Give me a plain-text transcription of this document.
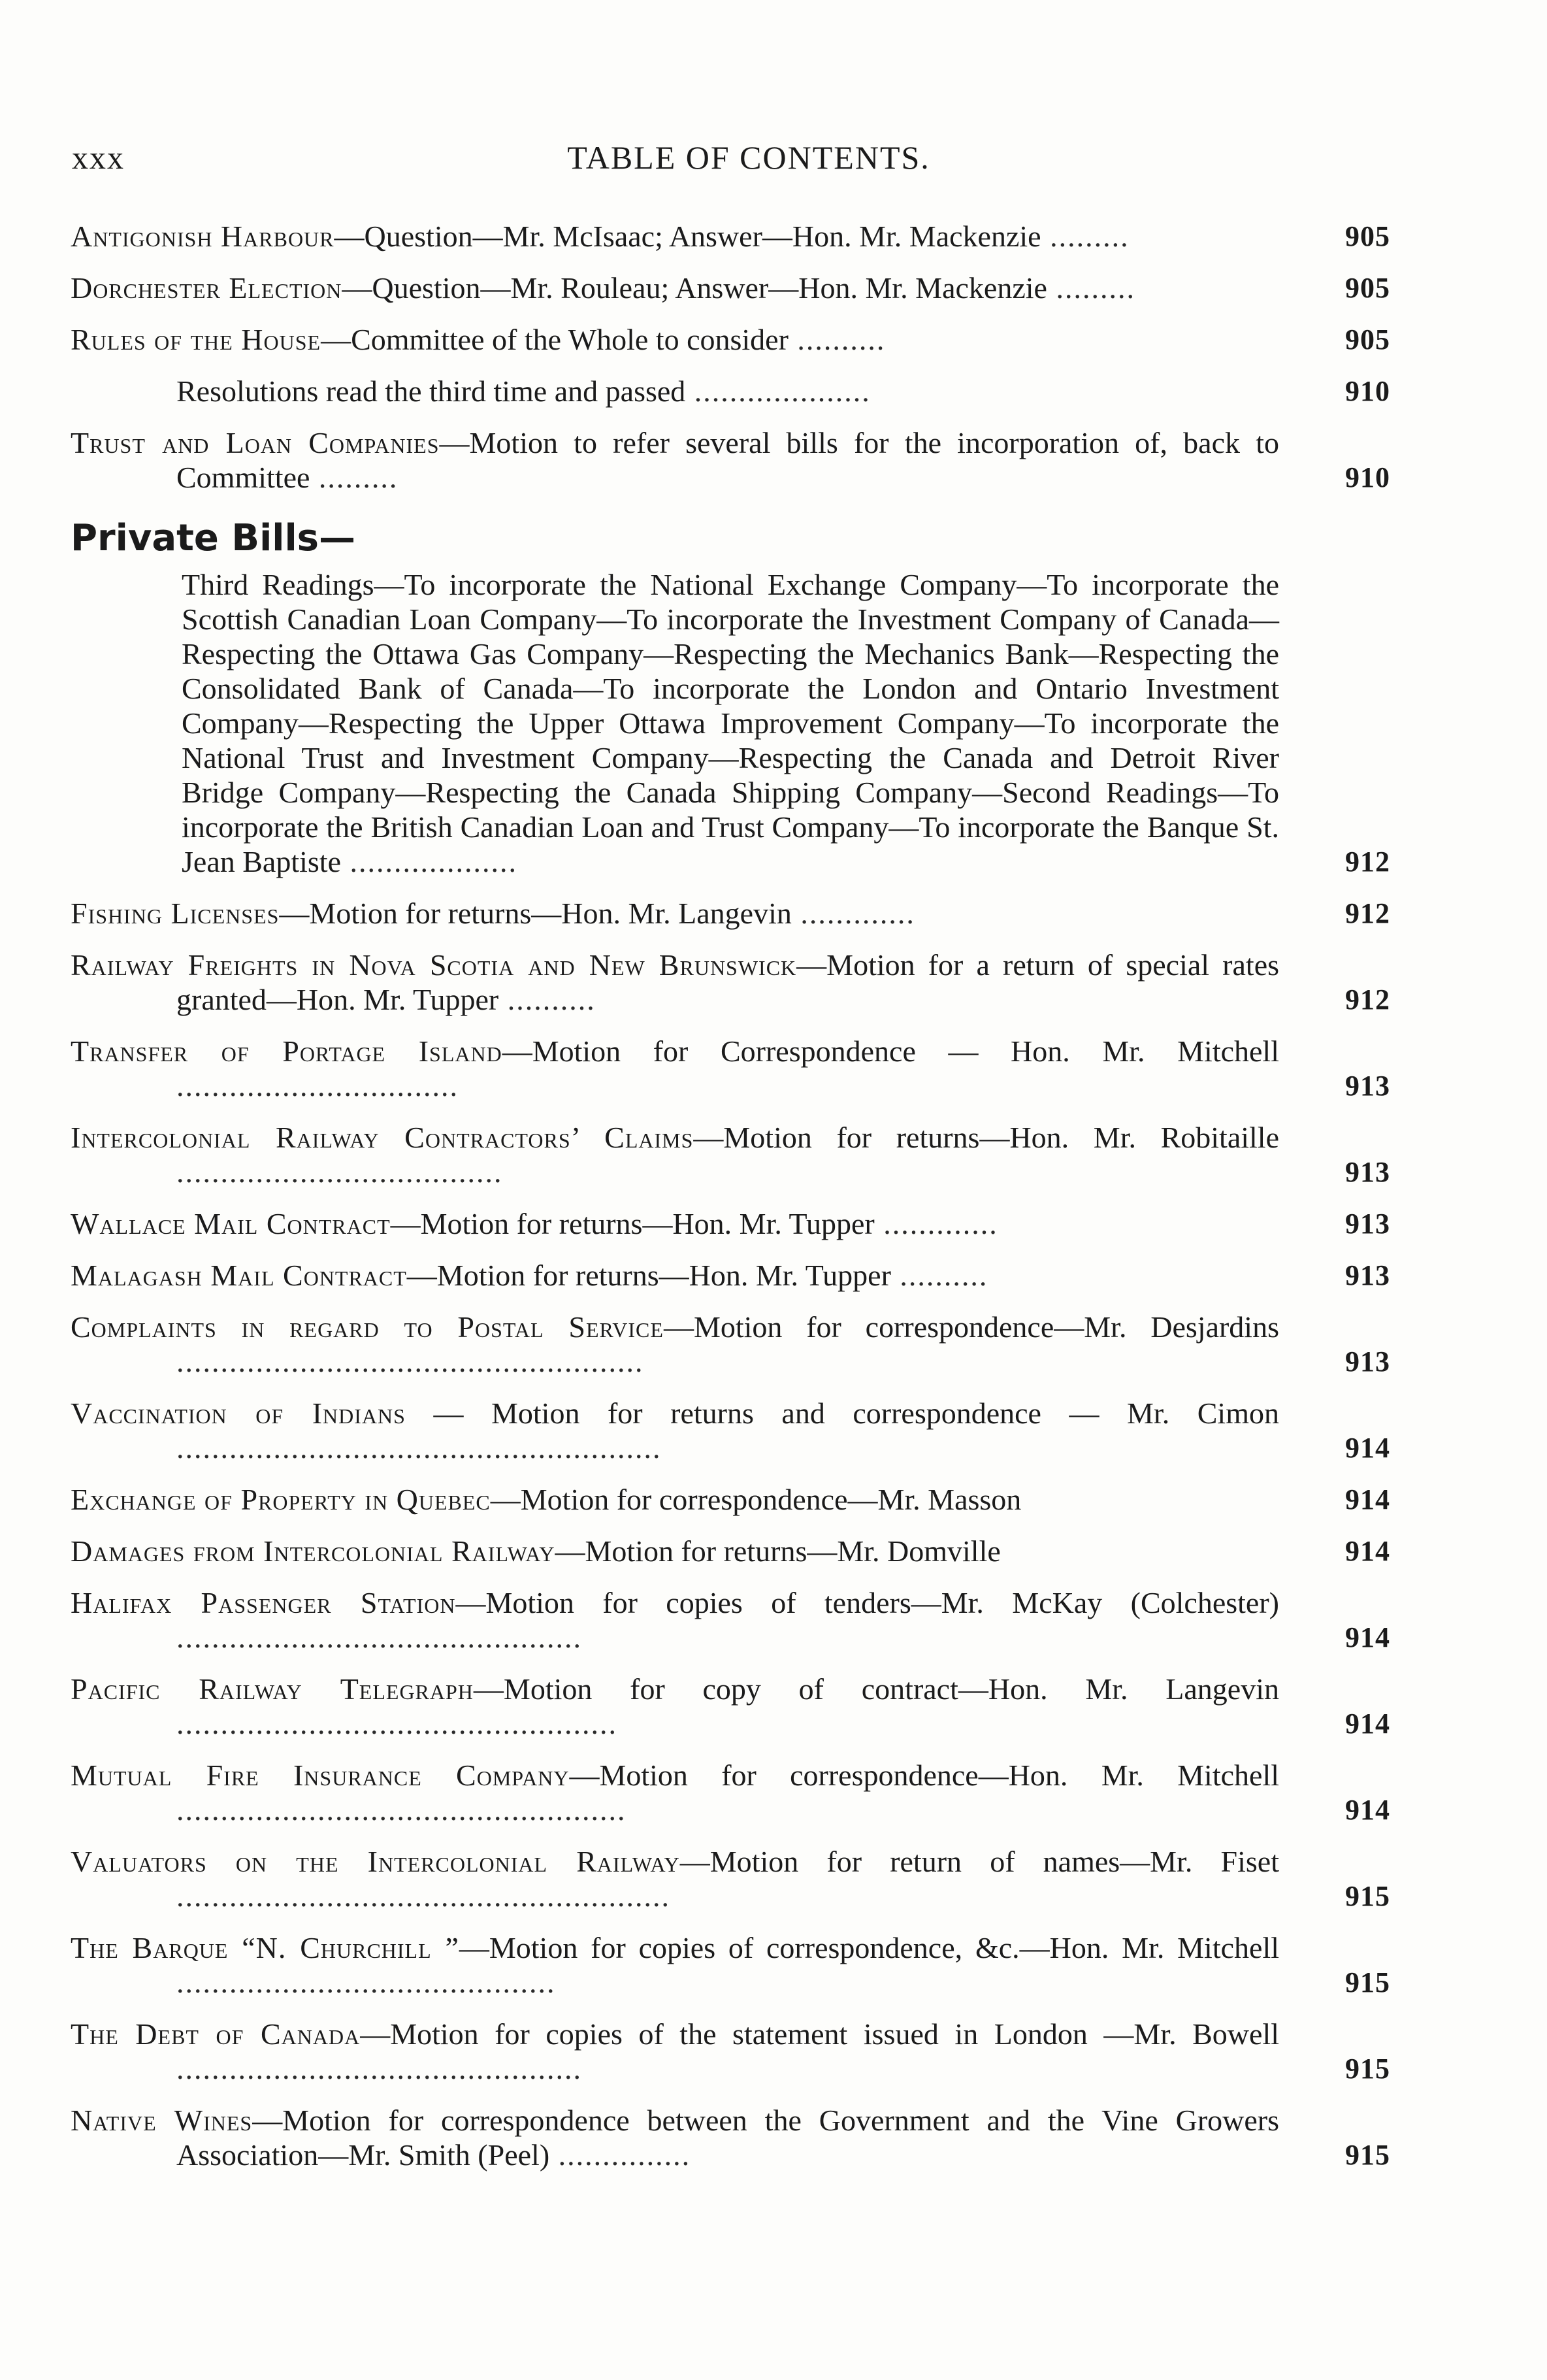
xxx	TABLE OF CONTENTS.
Antigonish Harbour—Question—Mr. McIsaac; Answer—Hon. Mr. Mackenzie .........	905
Dorchester Election—Question—Mr. Rouleau; Answer—Hon. Mr. Mackenzie .........	905
Rules of the House—Committee of the Whole to consider ..........	905
Resolutions read the third time and passed ....................	910
Trust and Loan Companies—Motion to refer several bills for the incorporation of, back to Committee .........	910
Private Bills—
Third Readings—To incorporate the National Exchange Company—To incorporate the Scottish Canadian Loan Company—To incorporate the Investment Company of Canada—Respecting the Ottawa Gas Company—Respecting the Mechanics Bank—Respecting the Consolidated Bank of Canada—To incorporate the London and Ontario Investment Company—Respecting the Upper Ottawa Improvement Company—To incorporate the National Trust and Investment Company—Respecting the Canada and Detroit River Bridge Company—Respecting the Canada Shipping Company—Second Readings—To incorporate the British Canadian Loan and Trust Company—To incorporate the Banque St. Jean Baptiste ...................	912
Fishing Licenses—Motion for returns—Hon. Mr. Langevin .............	912
Railway Freights in Nova Scotia and New Brunswick—Motion for a return of special rates granted—Hon. Mr. Tupper ..........	912
Transfer of Portage Island—Motion for Correspondence — Hon. Mr. Mitchell ................................	913
Intercolonial Railway Contractors’ Claims—Motion for returns—Hon. Mr. Robitaille .....................................	913
Wallace Mail Contract—Motion for returns—Hon. Mr. Tupper .............	913
Malagash Mail Contract—Motion for returns—Hon. Mr. Tupper ..........	913
Complaints in regard to Postal Service—Motion for correspondence—Mr. Desjardins .....................................................	913
Vaccination of Indians — Motion for returns and correspondence — Mr. Cimon .......................................................	914
Exchange of Property in Quebec—Motion for correspondence—Mr. Masson	914
Damages from Intercolonial Railway—Motion for returns—Mr. Domville	914
Halifax Passenger Station—Motion for copies of tenders—Mr. McKay (Colchester) ..............................................	914
Pacific Railway Telegraph—Motion for copy of contract—Hon. Mr. Langevin ..................................................	914
Mutual Fire Insurance Company—Motion for correspondence—Hon. Mr. Mitchell ...................................................	914
Valuators on the Intercolonial Railway—Motion for return of names—Mr. Fiset ........................................................	915
The Barque “N. Churchill ”—Motion for copies of correspondence, &c.—Hon. Mr. Mitchell ...........................................	915
The Debt of Canada—Motion for copies of the statement issued in London —Mr. Bowell ..............................................	915
Native Wines—Motion for correspondence between the Government and the Vine Growers Association—Mr. Smith (Peel) ...............	915
